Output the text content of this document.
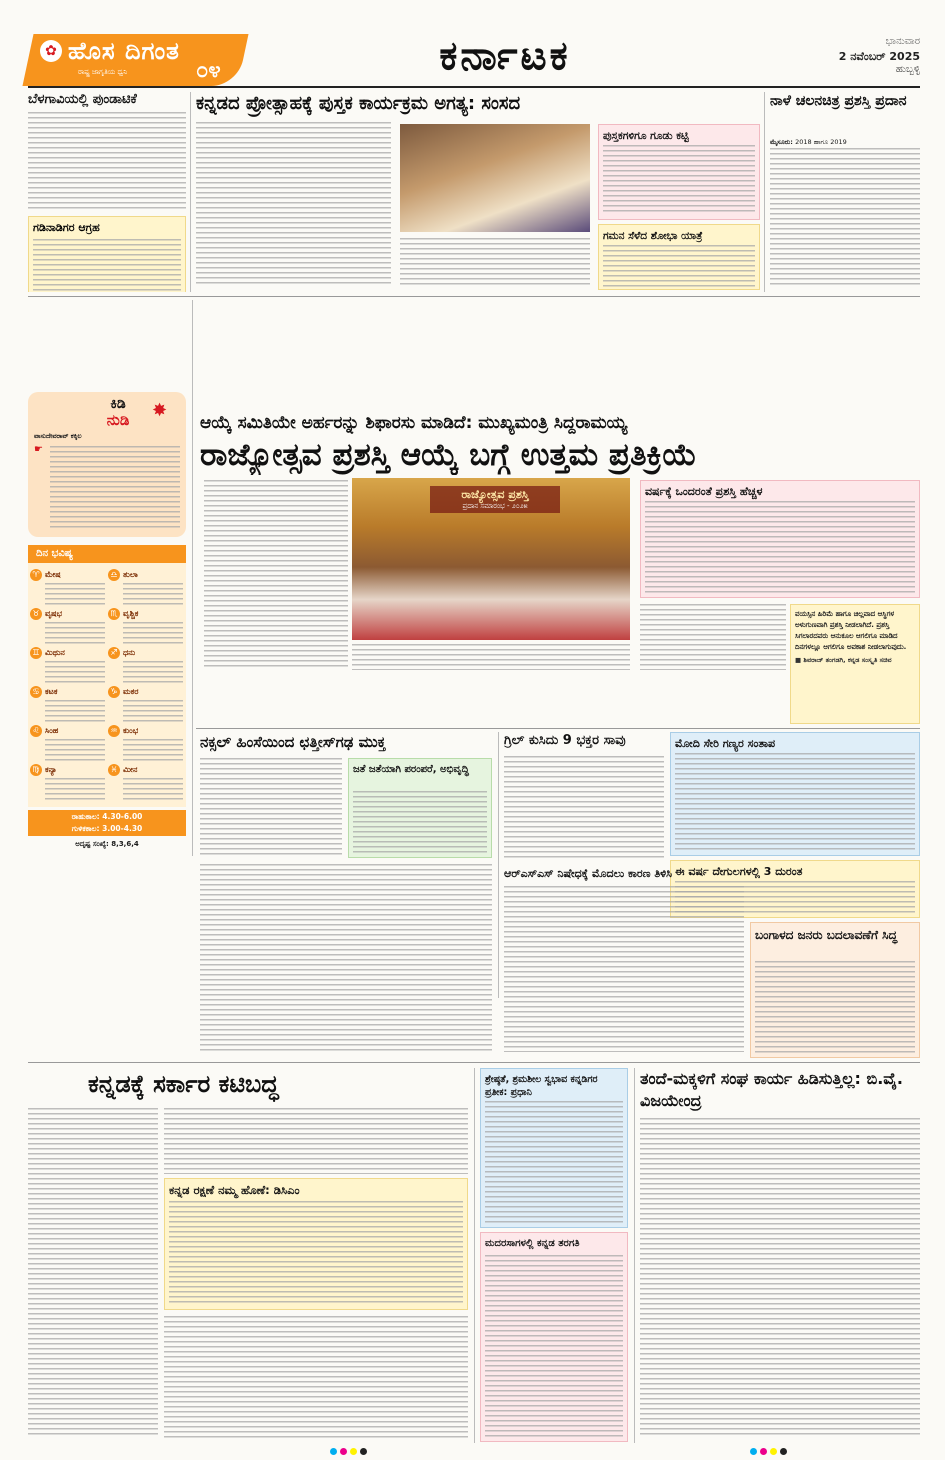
✿ ಹೊಸ ದಿಗಂತ
ರಾಷ್ಟ್ರ ಜಾಗೃತಿಯ ಧ್ವನಿ	೦೪	ಕರ್ನಾಟಕ	ಭಾನುವಾರ
2 ನವೆಂಬರ್ 2025
ಹುಬ್ಬಳ್ಳಿ
ಬೆಳಗಾವಿಯಲ್ಲಿ ಪುಂಡಾಟಿಕೆ
ಗಡಿನಾಡಿಗರ ಆಗ್ರಹ
ಕನ್ನಡದ ಪ್ರೋತ್ಸಾಹಕ್ಕೆ ಪುಸ್ತಕ ಕಾರ್ಯಕ್ರಮ ಅಗತ್ಯ: ಸಂಸದ
ಪುಸ್ತಕಗಳಿಗೂ ಗೂಡು ಕಟ್ಟಿ
ಗಮನ ಸೆಳೆದ ಶೋಭಾ ಯಾತ್ರೆ
ನಾಳೆ ಚಲನಚಿತ್ರ ಪ್ರಶಸ್ತಿ ಪ್ರದಾನ
ಮೈಸೂರು: 2018 ಹಾಗೂ 2019
ಕಿಡಿ
ನುಡಿ	✸
ವಾಸುದೇವರಾವ್ ಕಕ್ಕಿಲ
☛
ದಿನ ಭವಿಷ್ಯ
♈ ಮೇಷ	♎ ತುಲಾ
♉ ವೃಷಭ	♏ ವೃಶ್ಚಿಕ
♊ ಮಿಥುನ	♐ ಧನು
♋ ಕಟಕ	♑ ಮಕರ
♌ ಸಿಂಹ	♒ ಕುಂಭ
♍ ಕನ್ಯಾ	♓ ಮೀನ
ರಾಹುಕಾಲ: 4.30-6.00
ಗುಳಿಕಕಾಲ: 3.00-4.30
ಅದೃಷ್ಟ ಸಂಖ್ಯೆ: 8,3,6,4
ಆಯ್ಕೆ ಸಮಿತಿಯೇ ಅರ್ಹರನ್ನು ಶಿಫಾರಸು ಮಾಡಿದೆ: ಮುಖ್ಯಮಂತ್ರಿ ಸಿದ್ದರಾಮಯ್ಯ
ರಾಜ್ಯೋತ್ಸವ ಪ್ರಶಸ್ತಿ ಆಯ್ಕೆ ಬಗ್ಗೆ ಉತ್ತಮ ಪ್ರತಿಕ್ರಿಯೆ
ರಾಜ್ಯೋತ್ಸವ ಪ್ರಶಸ್ತಿ
ಪ್ರದಾನ ಸಮಾರಂಭ - ೨೦೨೫
ವರ್ಷಕ್ಕೆ ಒಂದರಂತೆ ಪ್ರಶಸ್ತಿ ಹೆಚ್ಚಳ
ವಯಸ್ಸಿನ ಹಿರಿಮೆ ಹಾಗೂ ಚಿಲ್ಲವಾದ ಆಸ್ಥಿಗಳ ಅಳುಗುಣವಾಗಿ ಪ್ರಶಸ್ತಿ ನೀಡಲಾಗಿದೆ. ಪ್ರಶಸ್ತಿ ಸಿಗಲಾರದವರು ಆನುಕೂಲ ಆಗಲಿಗೂ ಮಾಡಿದ ದಿನಗಳಲ್ಲೂ ಆಗಲಿಗೂ ಅವಕಾಶ ನೀಡಲಾಗುವುದು.
■ ಶಿವರಾಜ್ ತಂಗಡಗಿ, ಕನ್ನಡ ಸಂಸ್ಕೃತಿ ಸಚಿವ
ನಕ್ಸಲ್ ಹಿಂಸೆಯಿಂದ ಛತ್ತೀಸ್‌ಗಢ ಮುಕ್ತ
ಜತೆ ಜತೆಯಾಗಿ ಪರಂಪರೆ, ಅಭಿವೃದ್ಧಿ
ಗ್ರಿಲ್ ಕುಸಿದು 9 ಭಕ್ತರ ಸಾವು	ಮೋದಿ ಸೇರಿ ಗಣ್ಯರ ಸಂತಾಪ
ಈ ವರ್ಷ ದೇಗುಲಗಳಲ್ಲಿ 3 ದುರಂತ
ಆರ್‌ಎಸ್‌ಎಸ್ ನಿಷೇಧಕ್ಕೆ ಮೊದಲು ಕಾರಣ ತಿಳಿಸಿ
ಬಂಗಾಳದ ಜನರು ಬದಲಾವಣೆಗೆ ಸಿದ್ಧ
ಕನ್ನಡಕ್ಕೆ ಸರ್ಕಾರ ಕಟಿಬದ್ಧ
ಕನ್ನಡ ರಕ್ಷಣೆ ನಮ್ಮ ಹೊಣೆ: ಡಿಸಿಎಂ
ಶ್ರೇಷ್ಠತೆ, ಶ್ರಮಶೀಲ ಸ್ವಭಾವ ಕನ್ನಡಿಗರ ಪ್ರತೀಕ: ಪ್ರಧಾನಿ
ಮದರಸಾಗಳಲ್ಲಿ ಕನ್ನಡ ತರಗತಿ
ತಂದೆ-ಮಕ್ಕಳಿಗೆ ಸಂಘ ಕಾರ್ಯ ಹಿಡಿಸುತ್ತಿಲ್ಲ: ಬಿ.ವೈ. ವಿಜಯೇಂದ್ರ
